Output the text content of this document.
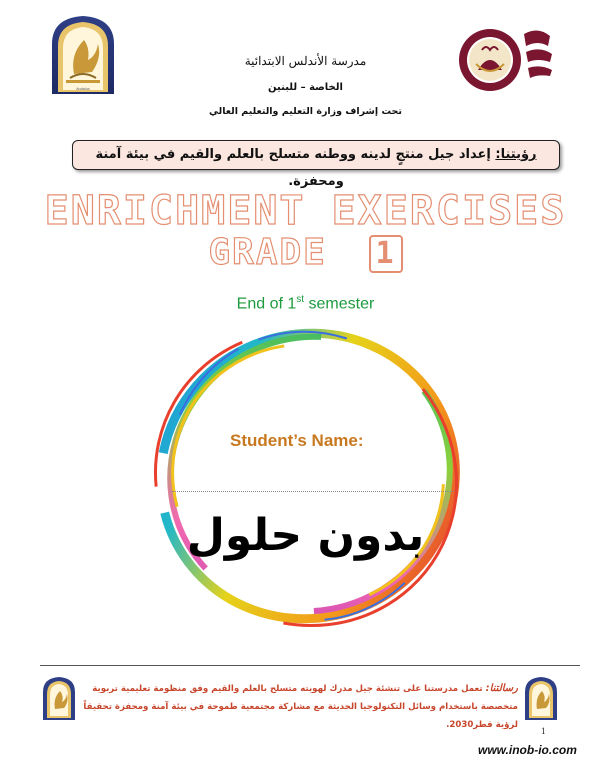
Andalus
مدرسة الأندلس الابتدائية
الخاصة – للبنين
تحت إشراف وزارة التعليم والتعليم العالي
رؤيتنا: إعداد جيل منتجٍ لدينه ووطنه متسلح بالعلم والقيم في بيئة آمنة ومحفزة.
ENRICHMENT EXERCISES
GRADE 1
End of 1st semester
Student’s Name:
بدون حلول
رسالتنا: تعمل مدرستنا على تنشئة جيل مدرك لهويته متسلح بالعلم والقيم وفق منظومة تعليمية تربوية متخصصة باستخدام وسائل التكنولوجيا الحديثة مع مشاركة مجتمعية طموحة في بيئة آمنة ومحفزة تحقيقاً لرؤية قطر2030.
1
www.inob-io.com
